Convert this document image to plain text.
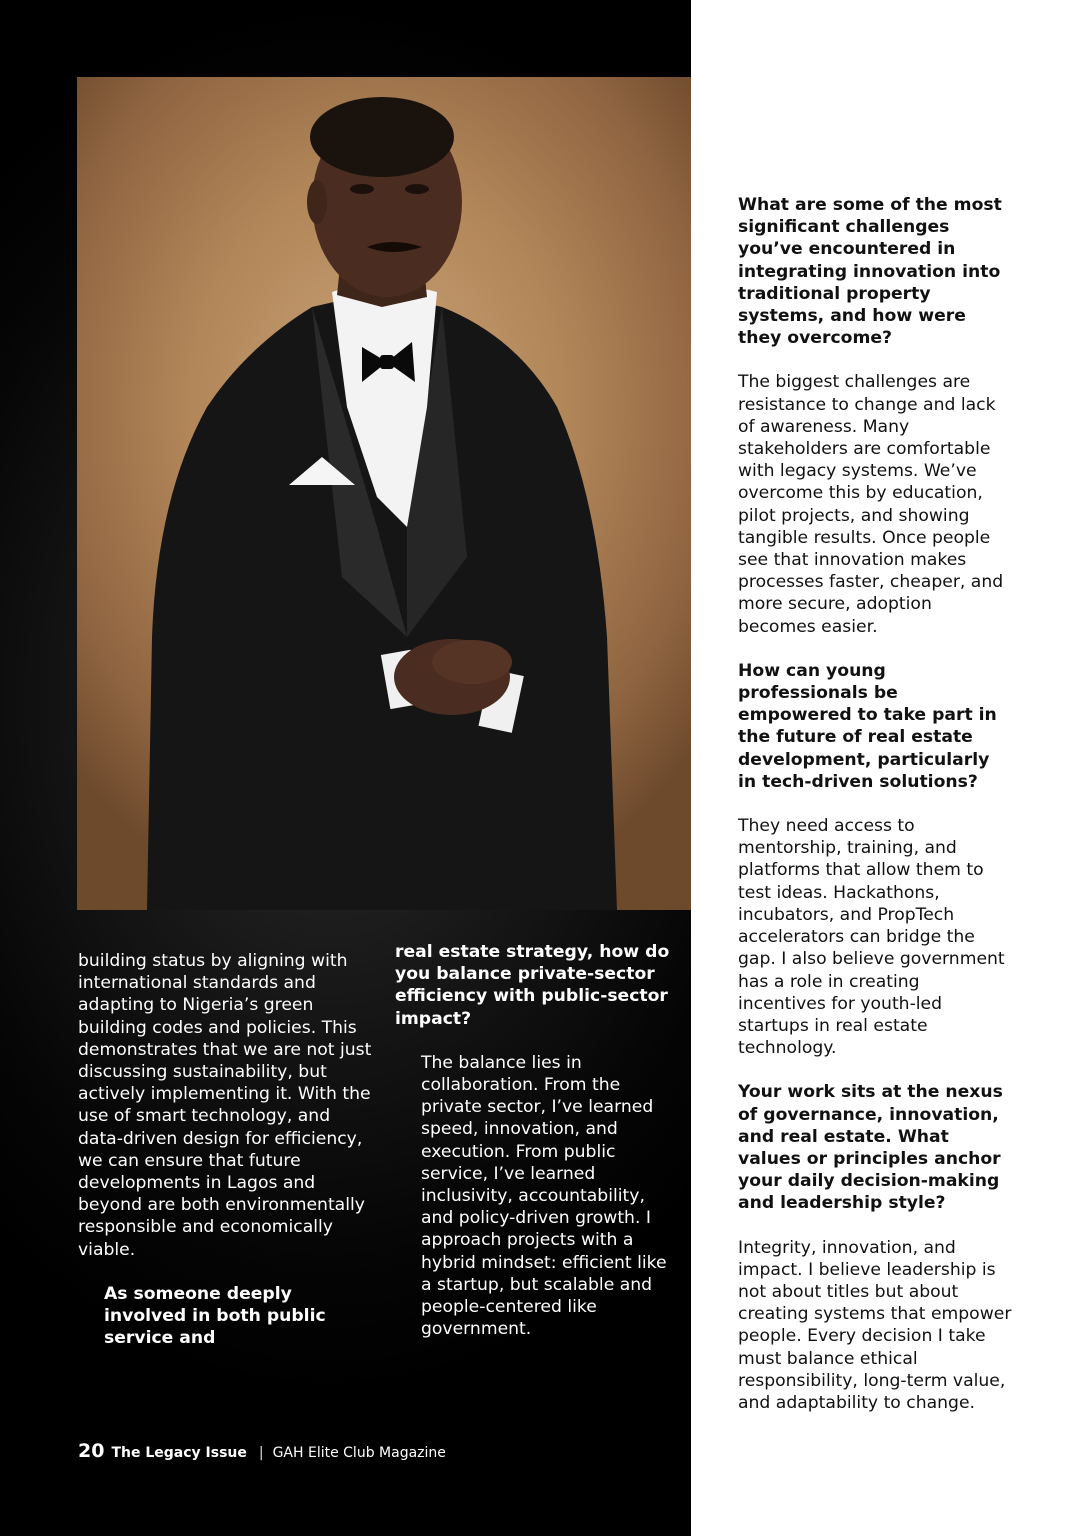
building status by aligning with international standards and adapting to Nigeria’s green building codes and policies. This demonstrates that we are not just discussing sustainability, but actively implementing it. With the use of smart technology, and data-driven design for efficiency, we can ensure that future developments in Lagos and beyond are both environmentally responsible and economically viable.

As someone deeply involved in both public service and

real estate strategy, how do you balance private-sector efficiency with public-sector impact?

The balance lies in collaboration. From the private sector, I’ve learned speed, innovation, and execution. From public service, I’ve learned inclusivity, accountability, and policy-driven growth. I approach projects with a hybrid mindset: efficient like a startup, but scalable and people-centered like government.

What are some of the most significant challenges you’ve encountered in integrating innovation into traditional property systems, and how were they overcome?

The biggest challenges are resistance to change and lack of awareness. Many stakeholders are comfortable with legacy systems. We’ve overcome this by education, pilot projects, and showing tangible results. Once people see that innovation makes processes faster, cheaper, and more secure, adoption becomes easier.

How can young professionals be empowered to take part in the future of real estate development, particularly in tech-driven solutions?

They need access to mentorship, training, and platforms that allow them to test ideas. Hackathons, incubators, and PropTech accelerators can bridge the gap. I also believe government has a role in creating incentives for youth-led startups in real estate technology.

Your work sits at the nexus of governance, innovation, and real estate. What values or principles anchor your daily decision-making and leadership style?

Integrity, innovation, and impact. I believe leadership is not about titles but about creating systems that empower people. Every decision I take must balance ethical responsibility, long-term value, and adaptability to change.

20 The Legacy Issue | GAH Elite Club Magazine
